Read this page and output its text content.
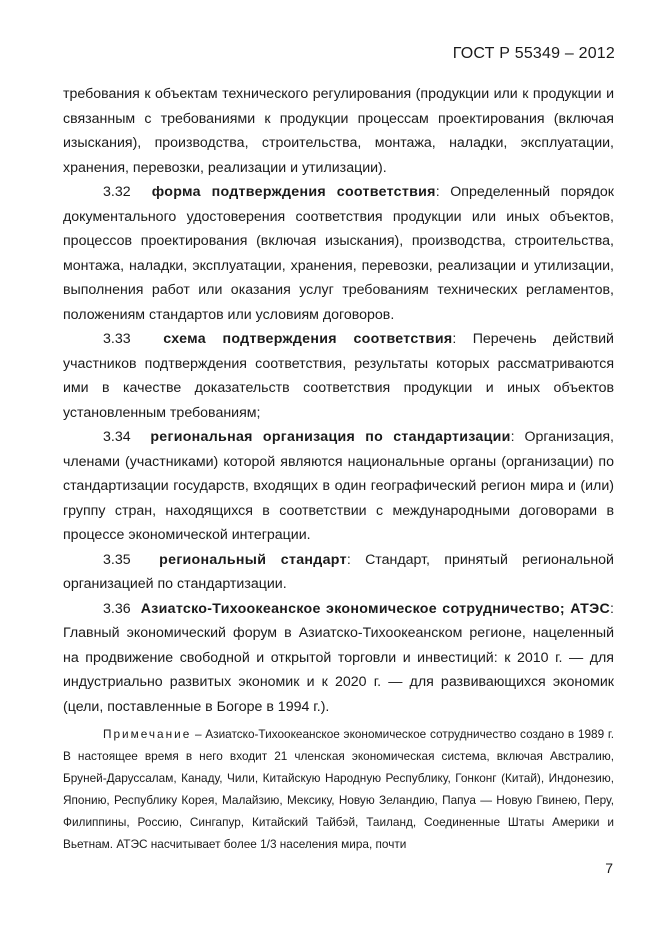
ГОСТ Р 55349 – 2012

требования к объектам технического регулирования (продукции или к продукции и связанным с требованиями к продукции процессам проектирования (включая изыскания), производства, строительства, монтажа, наладки, эксплуатации, хранения, перевозки, реализации и утилизации).

3.32 форма подтверждения соответствия: Определенный порядок документального удостоверения соответствия продукции или иных объектов, процессов проектирования (включая изыскания), производства, строительства, монтажа, наладки, эксплуатации, хранения, перевозки, реализации и утилизации, выполнения работ или оказания услуг требованиям технических регламентов, положениям стандартов или условиям договоров.

3.33 схема подтверждения соответствия: Перечень действий участников подтверждения соответствия, результаты которых рассматриваются ими в качестве доказательств соответствия продукции и иных объектов установленным требованиям;

3.34 региональная организация по стандартизации: Организация, членами (участниками) которой являются национальные органы (организации) по стандартизации государств, входящих в один географический регион мира и (или) группу стран, находящихся в соответствии с международными договорами в процессе экономической интеграции.

3.35 региональный стандарт: Стандарт, принятый региональной организацией по стандартизации.

3.36 Азиатско-Тихоокеанское экономическое сотрудничество; АТЭС: Главный экономический форум в Азиатско-Тихоокеанском регионе, нацеленный на продвижение свободной и открытой торговли и инвестиций: к 2010 г. — для индустриально развитых экономик и к 2020 г. — для развивающихся экономик (цели, поставленные в Богоре в 1994 г.).

Примечание – Азиатско-Тихоокеанское экономическое сотрудничество создано в 1989 г. В настоящее время в него входит 21 членская экономическая система, включая Австралию, Бруней-Даруссалам, Канаду, Чили, Китайскую Народную Республику, Гонконг (Китай), Индонезию, Японию, Республику Корея, Малайзию, Мексику, Новую Зеландию, Папуа — Новую Гвинею, Перу, Филиппины, Россию, Сингапур, Китайский Тайбэй, Таиланд, Соединенные Штаты Америки и Вьетнам. АТЭС насчитывает более 1/3 населения мира, почти

7
